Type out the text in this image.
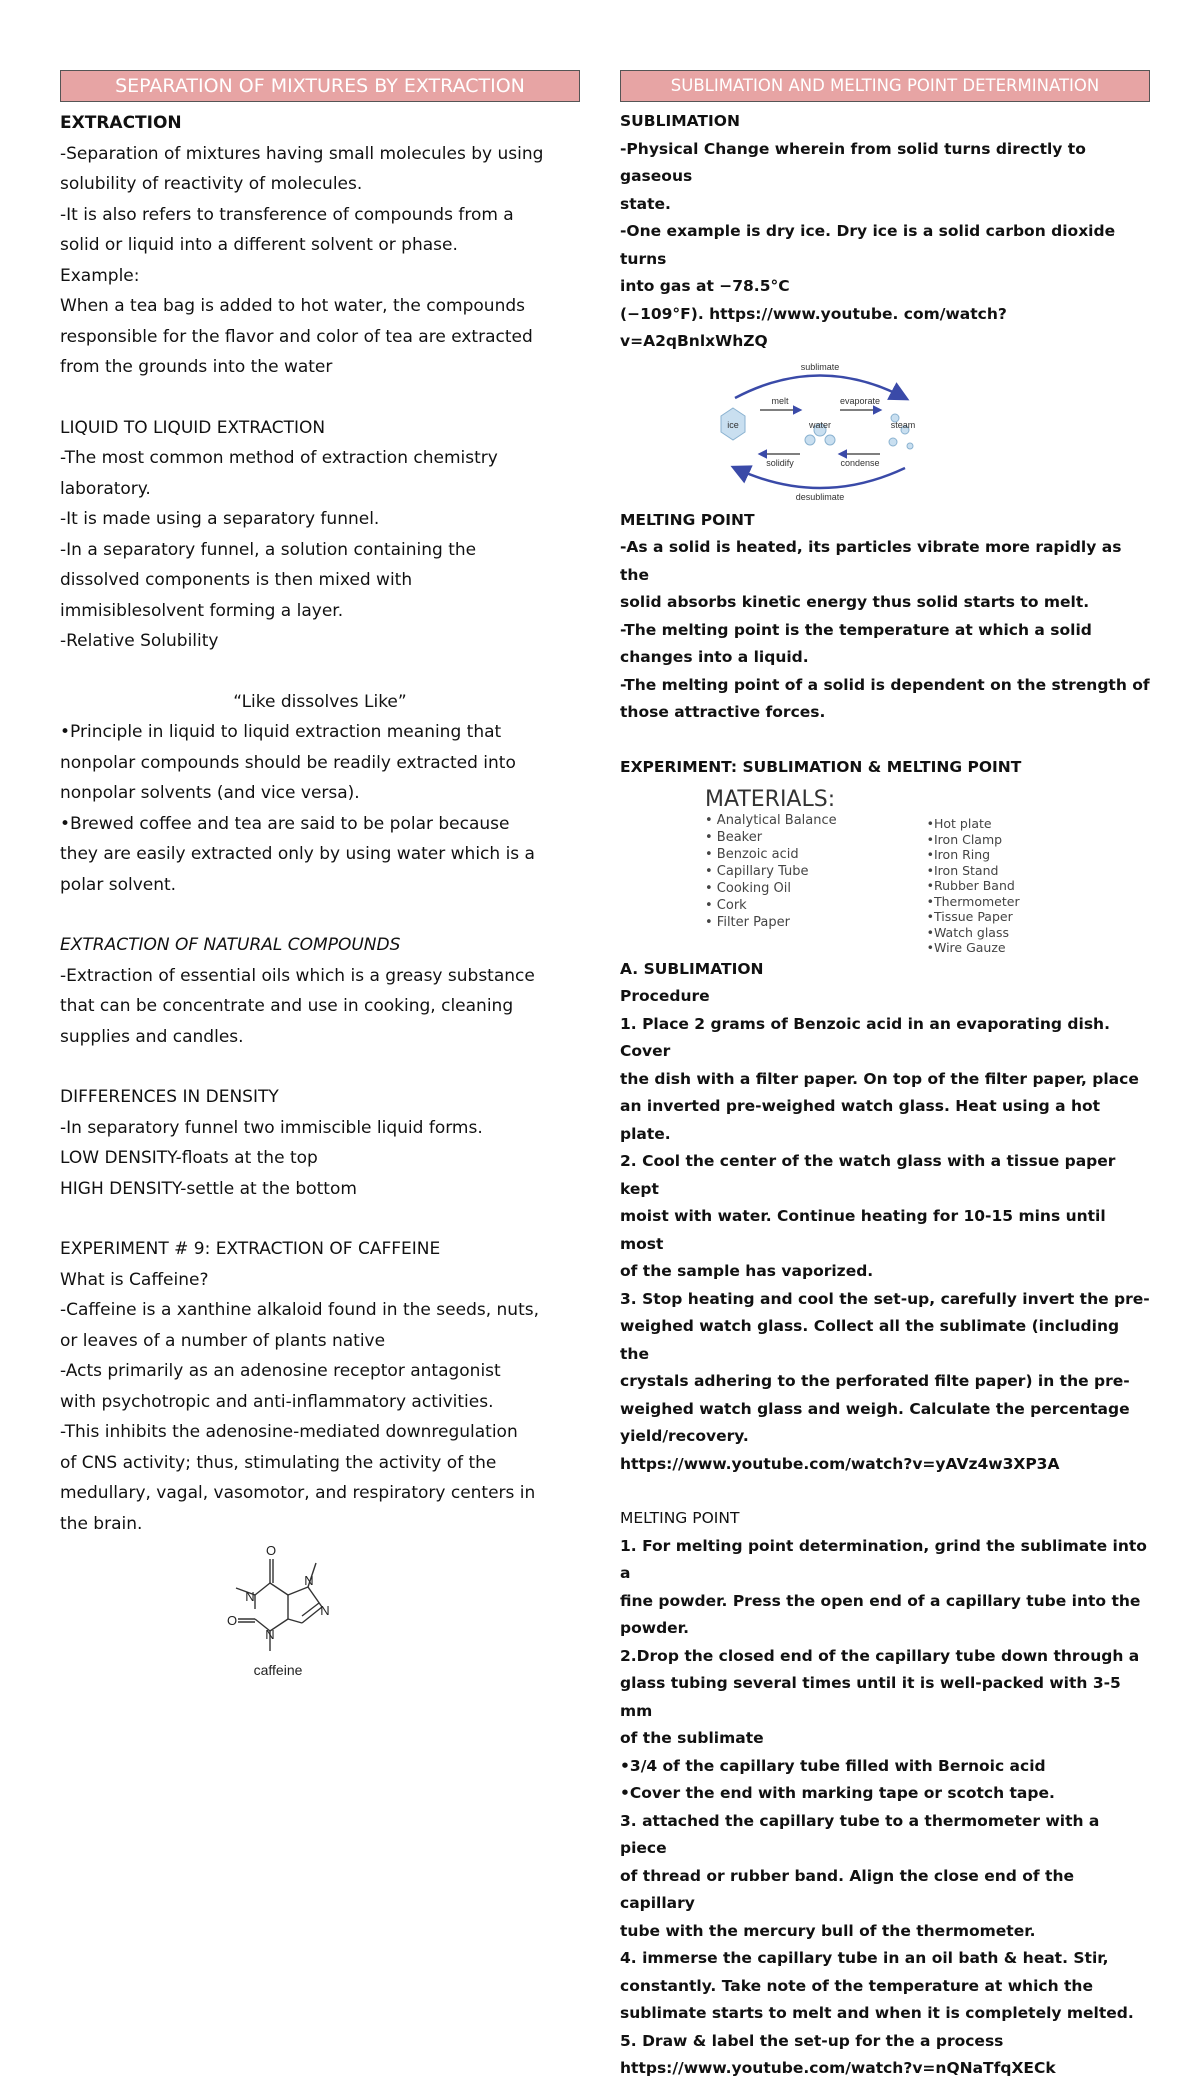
SEPARATION OF MIXTURES BY EXTRACTION

EXTRACTION

-Separation of mixtures having small molecules by using

solubility of reactivity of molecules.

-It is also refers to transference of compounds from a

solid or liquid into a different solvent or phase.

Example:

When a tea bag is added to hot water, the compounds

responsible for the flavor and color of tea are extracted

from the grounds into the water

LIQUID TO LIQUID EXTRACTION

-The most common method of extraction chemistry

laboratory.

-It is made using a separatory funnel.

-In a separatory funnel, a solution containing the

dissolved components is then mixed with

immisiblesolvent forming a layer.

-Relative Solubility

“Like dissolves Like”

•Principle in liquid to liquid extraction meaning that

nonpolar compounds should be readily extracted into

nonpolar solvents (and vice versa).

•Brewed coffee and tea are said to be polar because

they are easily extracted only by using water which is a

polar solvent.

EXTRACTION OF NATURAL COMPOUNDS

-Extraction of essential oils which is a greasy substance

that can be concentrate and use in cooking, cleaning

supplies and candles.

DIFFERENCES IN DENSITY

-In separatory funnel two immiscible liquid forms.

LOW DENSITY-floats at the top

HIGH DENSITY-settle at the bottom

EXPERIMENT # 9: EXTRACTION OF CAFFEINE

What is Caffeine?

-Caffeine is a xanthine alkaloid found in the seeds, nuts,

or leaves of a number of plants native

-Acts primarily as an adenosine receptor antagonist

with psychotropic and anti-inflammatory activities.

-This inhibits the adenosine-mediated downregulation

of CNS activity; thus, stimulating the activity of the

medullary, vagal, vasomotor, and respiratory centers in

the brain.

O
N
N
N
N
O
caffeine
SUBLIMATION AND MELTING POINT DETERMINATION

SUBLIMATION

-Physical Change wherein from solid turns directly to gaseous

state.

-One example is dry ice. Dry ice is a solid carbon dioxide turns

into gas at −78.5°C

(−109°F). https://www.youtube. com/watch?v=A2qBnlxWhZQ

sublimate
melt	evaporate
ice	water	steam
solidify	condense
desublimate

MELTING POINT

-As a solid is heated, its particles vibrate more rapidly as the

solid absorbs kinetic energy thus solid starts to melt.

-The melting point is the temperature at which a solid

changes into a liquid.

-The melting point of a solid is dependent on the strength of

those attractive forces.

EXPERIMENT: SUBLIMATION & MELTING POINT

MATERIALS:
• Analytical Balance
• Beaker
• Benzoic acid
• Capillary Tube
• Cooking Oil
• Cork
• Filter Paper
•Hot plate
•Iron Clamp
•Iron Ring
•Iron Stand
•Rubber Band
•Thermometer
•Tissue Paper
•Watch glass
•Wire Gauze

A. SUBLIMATION

Procedure

1. Place 2 grams of Benzoic acid in an evaporating dish. Cover

the dish with a filter paper. On top of the filter paper, place

an inverted pre-weighed watch glass. Heat using a hot plate.

2. Cool the center of the watch glass with a tissue paper kept

moist with water. Continue heating for 10-15 mins until most

of the sample has vaporized.

3. Stop heating and cool the set-up, carefully invert the pre-

weighed watch glass. Collect all the sublimate (including the

crystals adhering to the perforated filte paper) in the pre-

weighed watch glass and weigh. Calculate the percentage

yield/recovery.

https://www.youtube.com/watch?v=yAVz4w3XP3A

MELTING POINT

1. For melting point determination, grind the sublimate into a

fine powder. Press the open end of a capillary tube into the

powder.

2.Drop the closed end of the capillary tube down through a

glass tubing several times until it is well-packed with 3-5 mm

of the sublimate

•3/4 of the capillary tube filled with Bernoic acid

•Cover the end with marking tape or scotch tape.

3. attached the capillary tube to a thermometer with a piece

of thread or rubber band. Align the close end of the capillary

tube with the mercury bull of the thermometer.

4. immerse the capillary tube in an oil bath & heat. Stir,

constantly. Take note of the temperature at which the

sublimate starts to melt and when it is completely melted.

5. Draw & label the set-up for the a process

https://www.youtube.com/watch?v=nQNaTfqXECk
